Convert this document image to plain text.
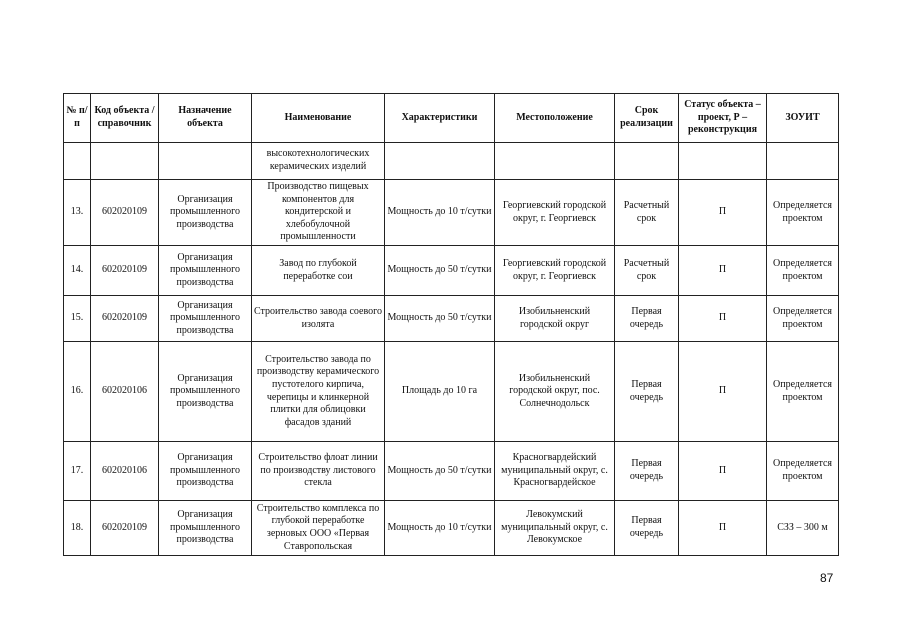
№ п/п	Код объекта / справочник	Назначение объекта	Наименование	Характеристики	Местоположение	Срок реализации	Статус объекта – проект, Р – реконструкция	ЗОУИТ
			высокотехнологических керамических изделий					
13.	602020109	Организация промышленного производства	Производство пищевых компонентов для кондитерской и хлебобулочной промышленности	Мощность до 10 т/сутки	Георгиевский городской округ, г. Георгиевск	Расчетный срок	П	Определяется проектом
14.	602020109	Организация промышленного производства	Завод по глубокой переработке сои	Мощность до 50 т/сутки	Георгиевский городской округ, г. Георгиевск	Расчетный срок	П	Определяется проектом
15.	602020109	Организация промышленного производства	Строительство завода соевого изолята	Мощность до 50 т/сутки	Изобильненский городской округ	Первая очередь	П	Определяется проектом
16.	602020106	Организация промышленного производства	Строительство завода по производству керамического пустотелого кирпича, черепицы и клинкерной плитки для облицовки фасадов зданий	Площадь до 10 га	Изобильненский городской округ, пос. Солнечнодольск	Первая очередь	П	Определяется проектом
17.	602020106	Организация промышленного производства	Строительство флоат линии по производству листового стекла	Мощность до 50 т/сутки	Красногвардейский муниципальный округ, с. Красногвардейское	Первая очередь	П	Определяется проектом
18.	602020109	Организация промышленного производства	Строительство комплекса по глубокой переработке зерновых ООО «Первая Ставропольская	Мощность до 10 т/сутки	Левокумский муниципальный округ, с. Левокумское	Первая очередь	П	СЗЗ – 300 м
87
